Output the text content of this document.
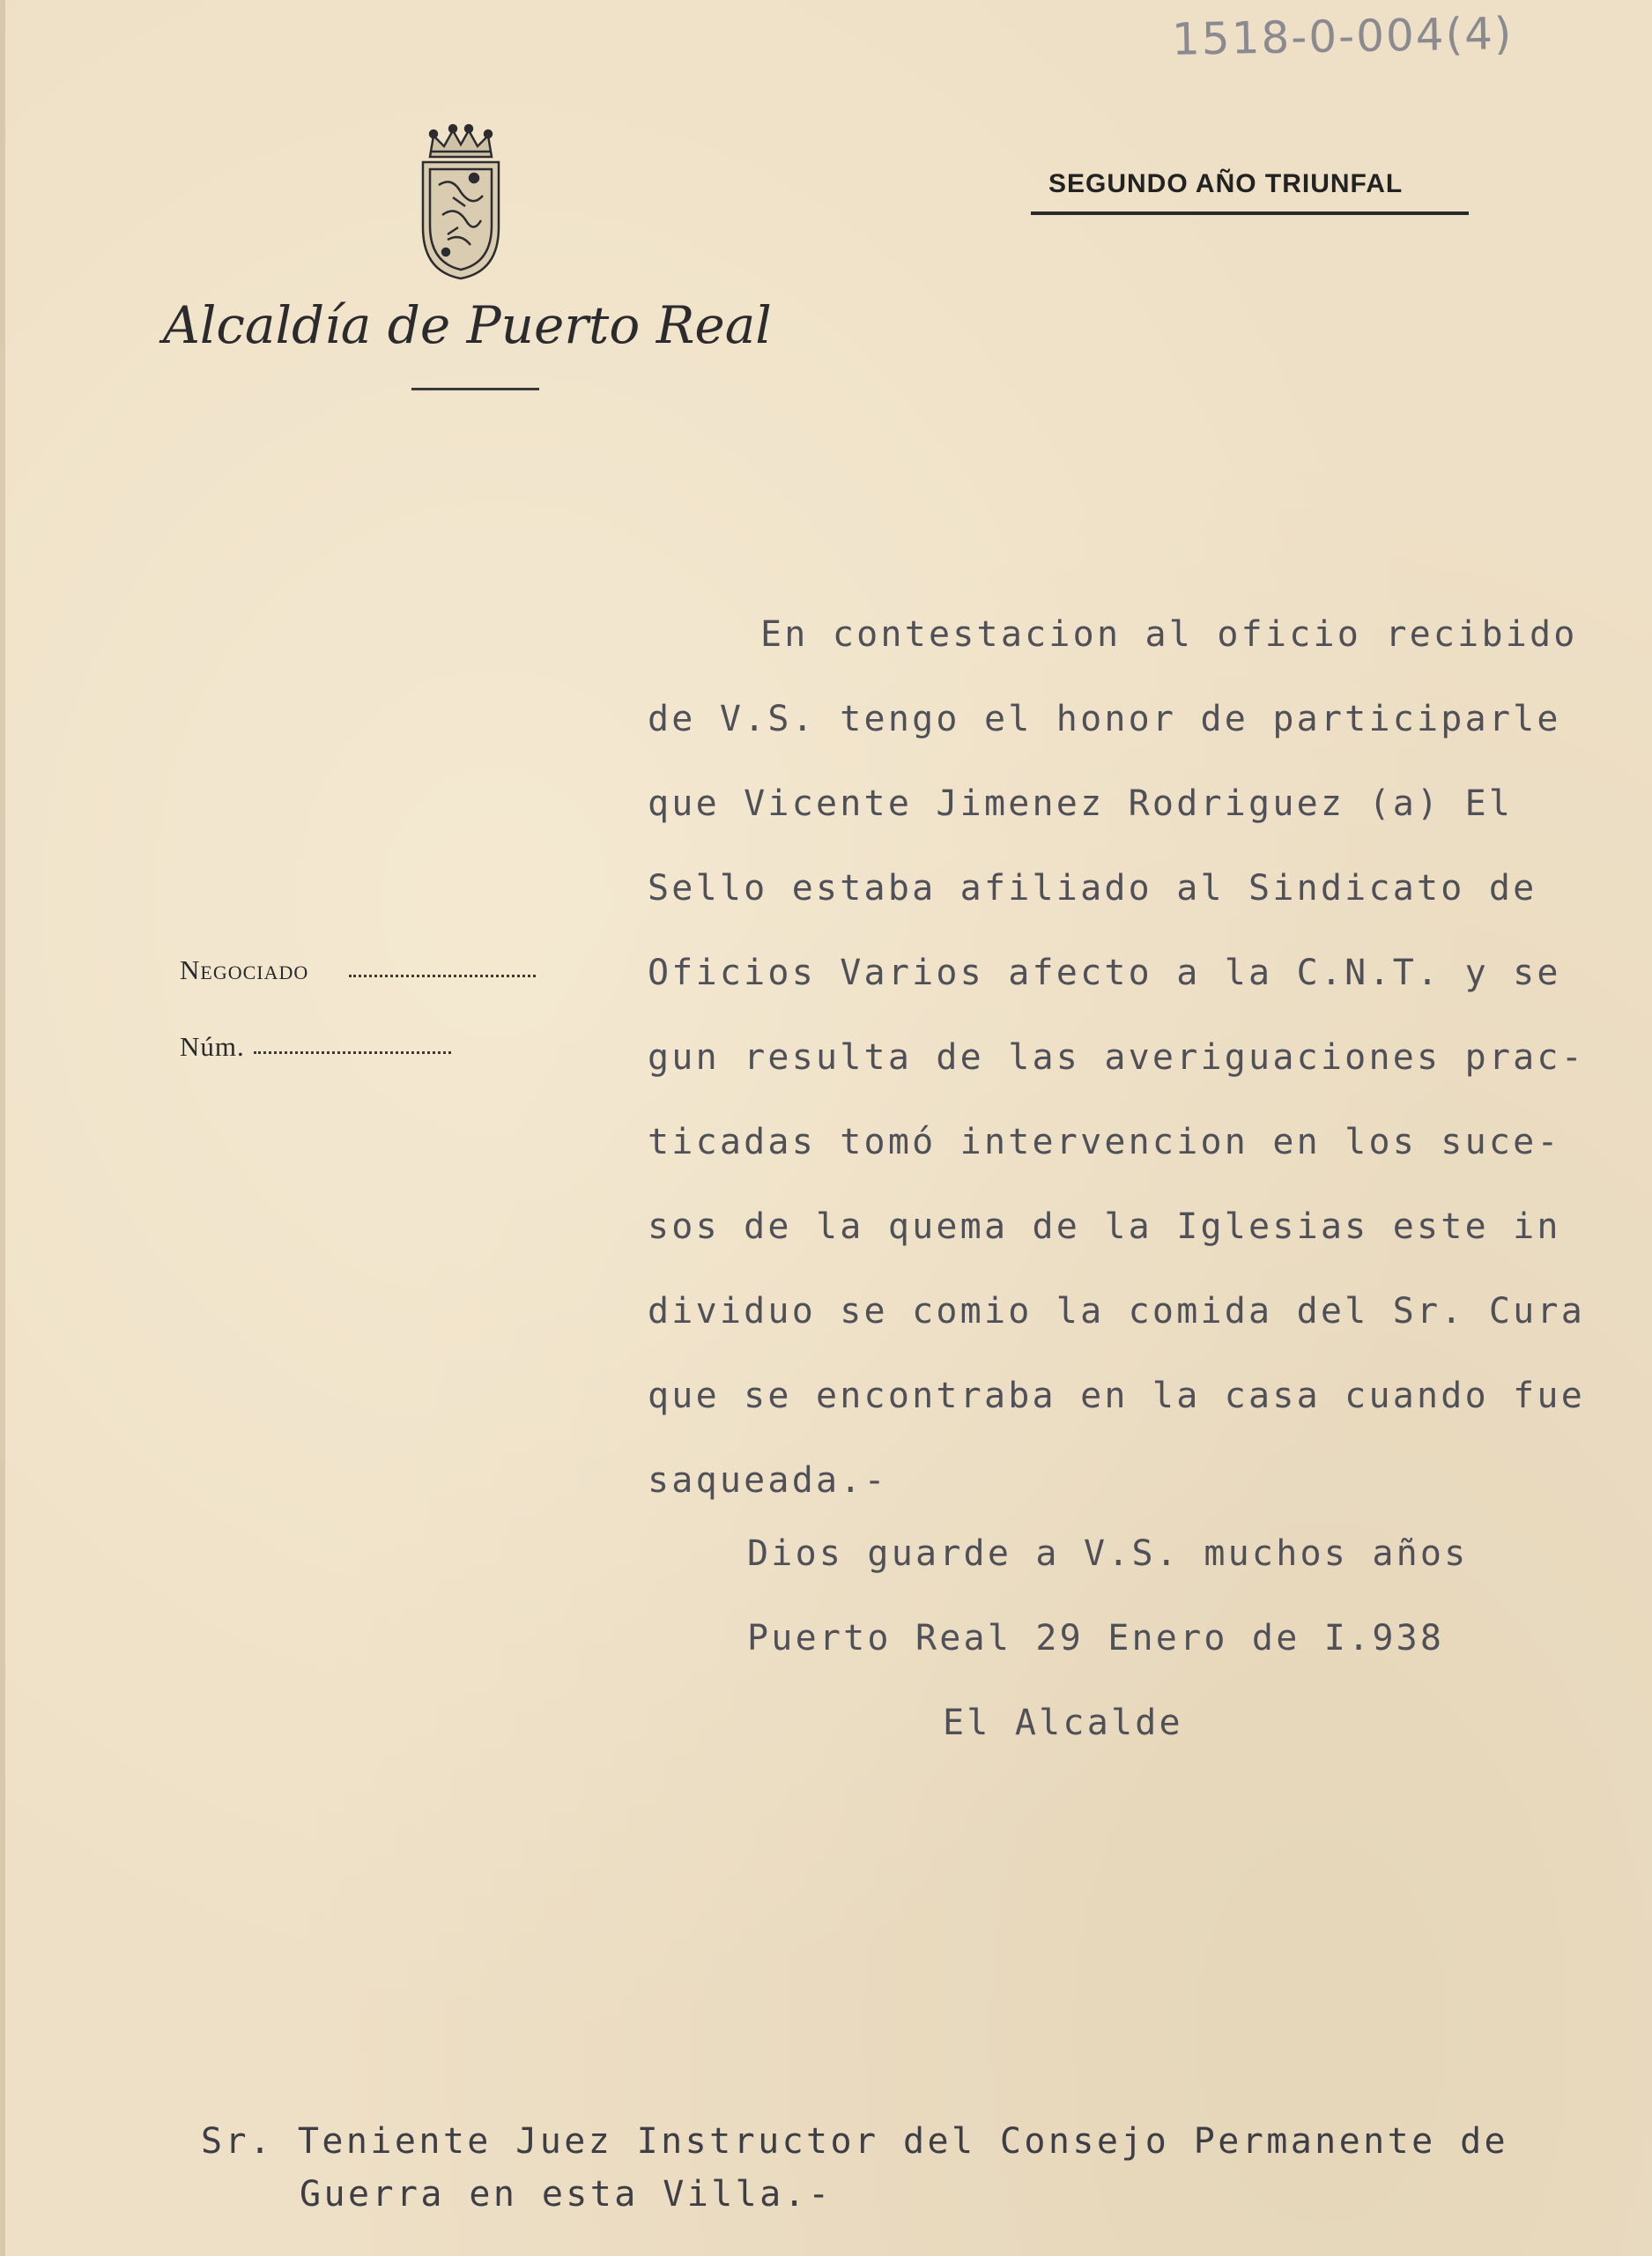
1518-0-004(4)
Alcaldía de Puerto Real
SEGUNDO AÑO TRIUNFAL
Negociado
Núm.
En contestacion al oficio recibido
de V.S. tengo el honor de participarle
que Vicente Jimenez Rodriguez (a) El
Sello estaba afiliado al Sindicato de
Oficios Varios afecto a la C.N.T. y se
gun resulta de las averiguaciones prac-
ticadas tomó intervencion en los suce-
sos de la quema de la Iglesias este in
dividuo se comio la comida del Sr. Cura
que se encontraba en la casa cuando fue
saqueada.-
Dios guarde a V.S. muchos años
Puerto Real 29 Enero de I.938
El Alcalde
Sr. Teniente Juez Instructor del Consejo Permanente de
Guerra en esta Villa.-
